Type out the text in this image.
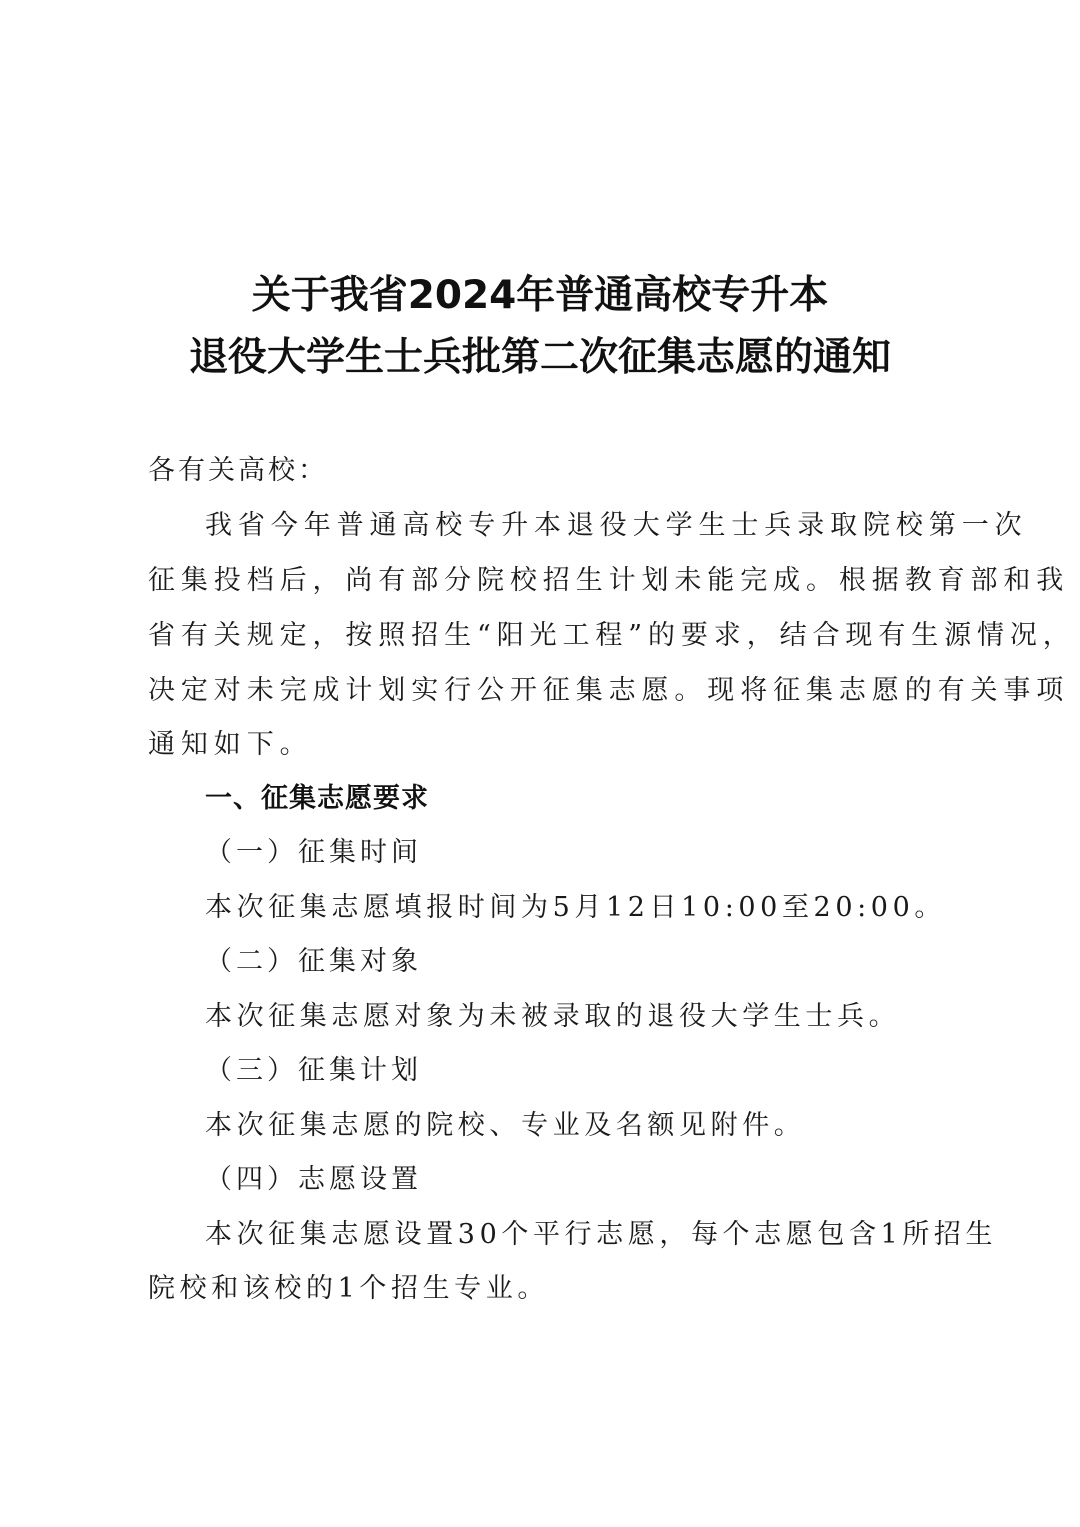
关于我省2024年普通高校专升本
退役大学生士兵批第二次征集志愿的通知
各有关高校：
我省今年普通高校专升本退役大学生士兵录取院校第一次
征集投档后，尚有部分院校招生计划未能完成。根据教育部和我
省有关规定，按照招生“阳光工程”的要求，结合现有生源情况，
决定对未完成计划实行公开征集志愿。现将征集志愿的有关事项
通知如下。
一、征集志愿要求
（一）征集时间
本次征集志愿填报时间为5月12日10:00至20:00。
（二）征集对象
本次征集志愿对象为未被录取的退役大学生士兵。
（三）征集计划
本次征集志愿的院校、专业及名额见附件。
（四）志愿设置
本次征集志愿设置30个平行志愿，每个志愿包含1所招生
院校和该校的1个招生专业。
